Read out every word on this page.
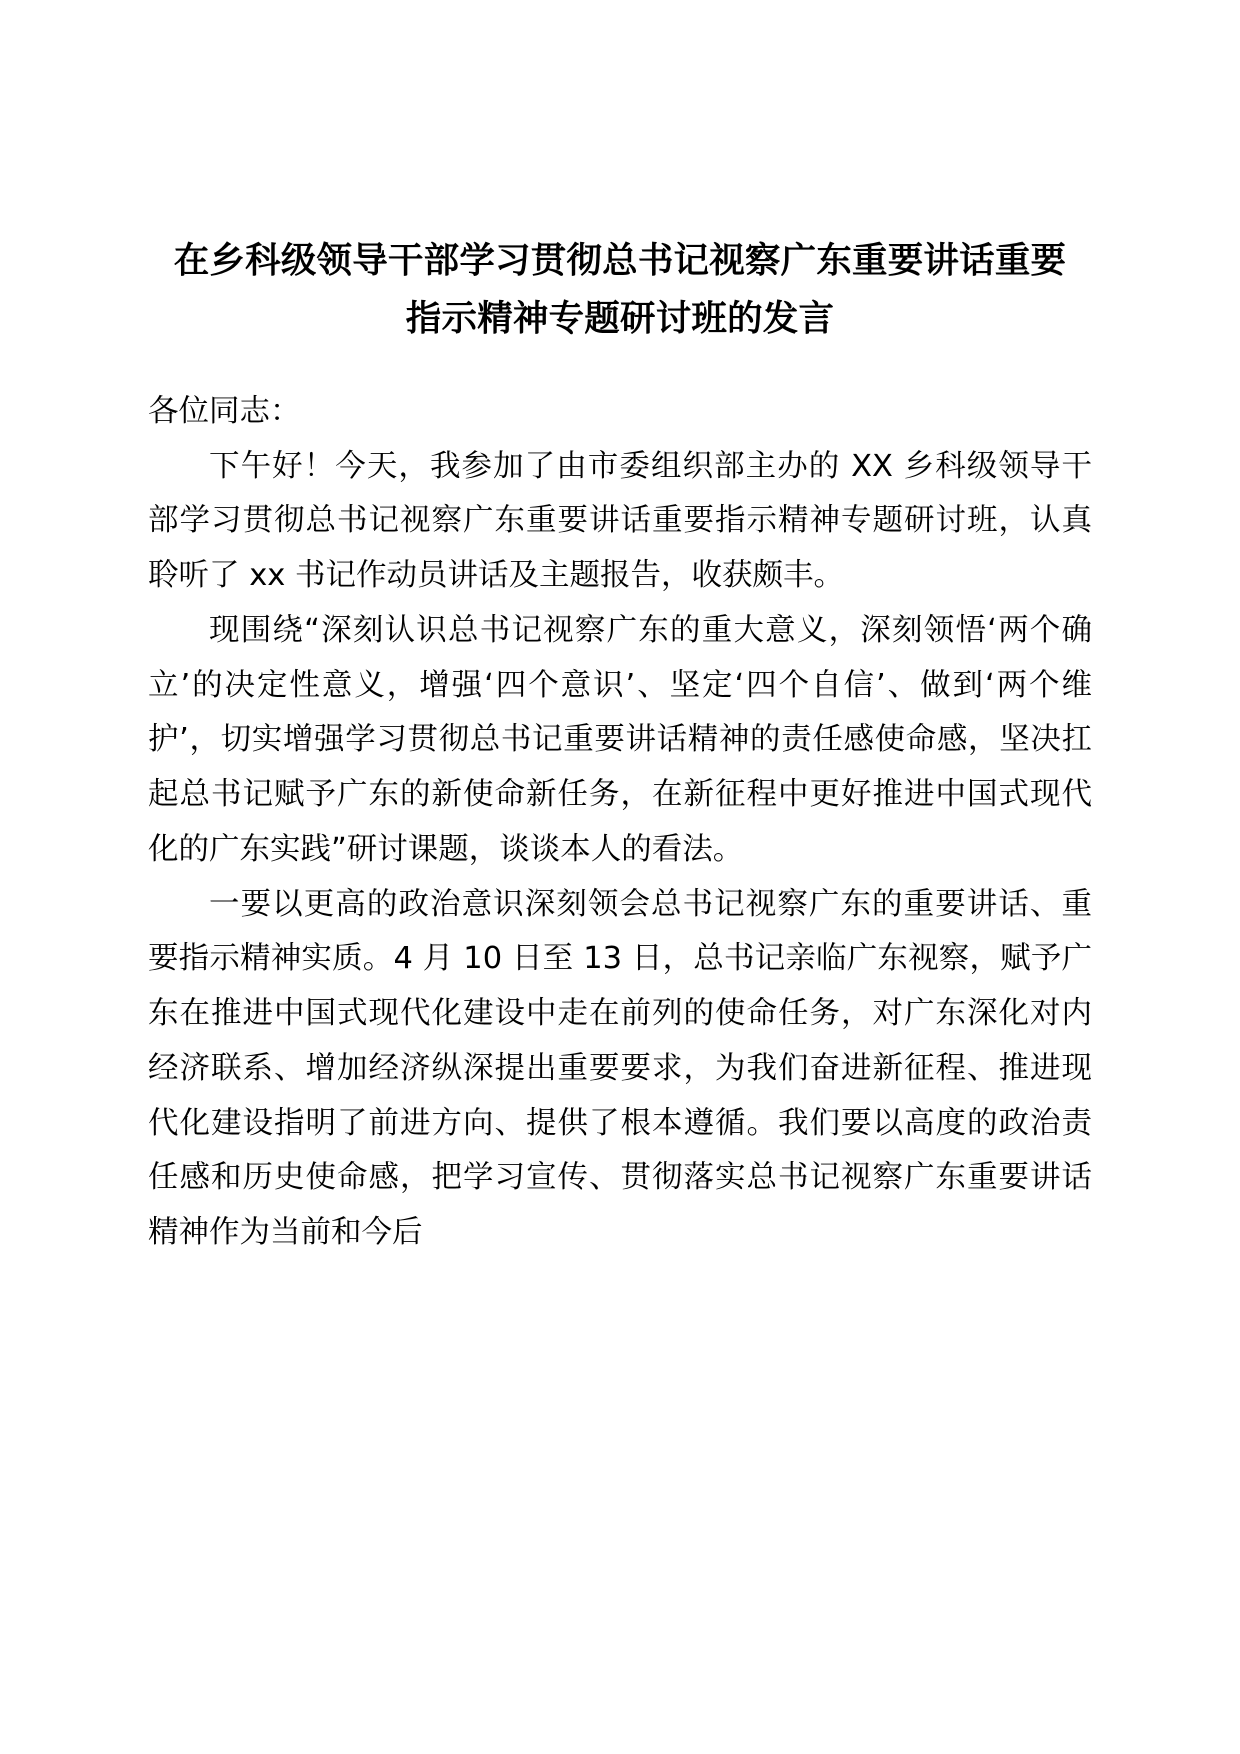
在乡科级领导干部学习贯彻总书记视察广东重要讲话重要指示精神专题研讨班的发言

各位同志：

下午好！今天，我参加了由市委组织部主办的 XX 乡科级领导干部学习贯彻总书记视察广东重要讲话重要指示精神专题研讨班，认真聆听了 xx 书记作动员讲话及主题报告，收获颇丰。

现围绕“深刻认识总书记视察广东的重大意义，深刻领悟‘两个确立’的决定性意义，增强‘四个意识’、坚定‘四个自信’、做到‘两个维护’，切实增强学习贯彻总书记重要讲话精神的责任感使命感，坚决扛起总书记赋予广东的新使命新任务，在新征程中更好推进中国式现代化的广东实践”研讨课题，谈谈本人的看法。

一要以更高的政治意识深刻领会总书记视察广东的重要讲话、重要指示精神实质。4 月 10 日至 13 日，总书记亲临广东视察，赋予广东在推进中国式现代化建设中走在前列的使命任务，对广东深化对内经济联系、增加经济纵深提出重要要求，为我们奋进新征程、推进现代化建设指明了前进方向、提供了根本遵循。我们要以高度的政治责任感和历史使命感，把学习宣传、贯彻落实总书记视察广东重要讲话精神作为当前和今后
